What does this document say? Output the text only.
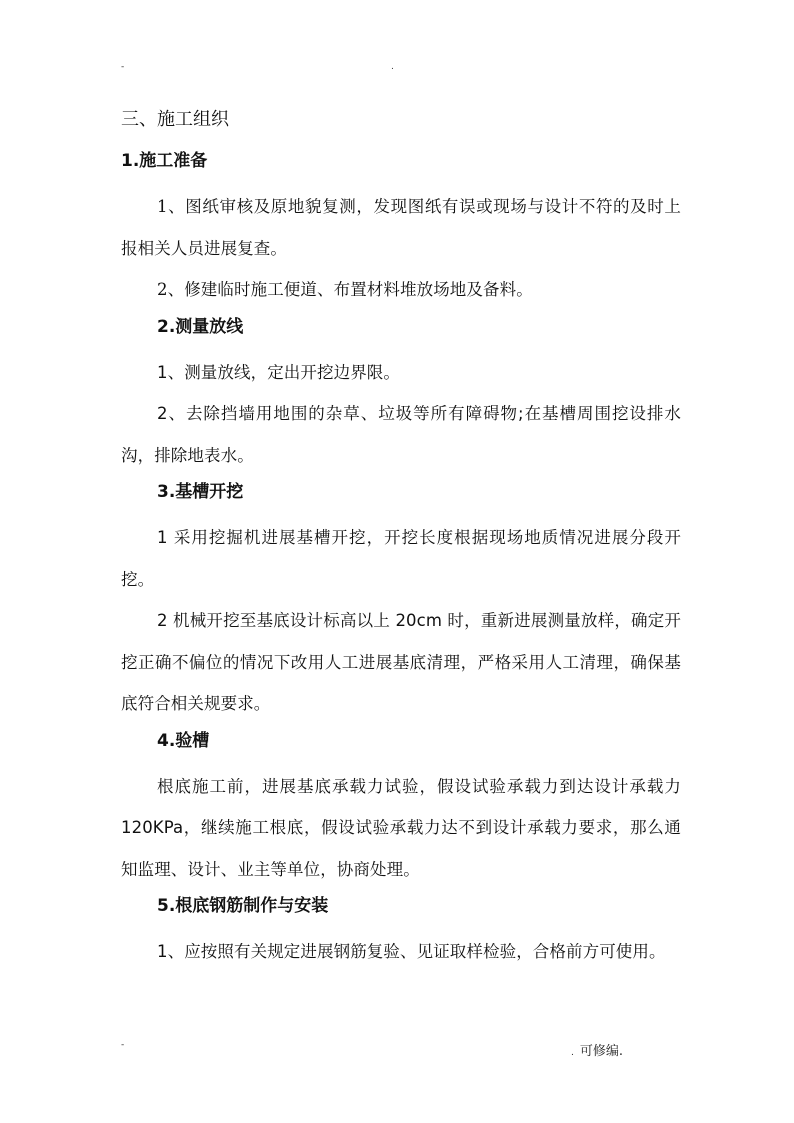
-	.
三、施工组织
1.施工准备

1、图纸审核及原地貌复测，发现图纸有误或现场与设计不符的及时上报相关人员进展复查。

2、修建临时施工便道、布置材料堆放场地及备料。

2.测量放线

1、测量放线，定出开挖边界限。

2、去除挡墙用地围的杂草、垃圾等所有障碍物;在基槽周围挖设排水沟，排除地表水。

3.基槽开挖

1 采用挖掘机进展基槽开挖，开挖长度根据现场地质情况进展分段开挖。

2 机械开挖至基底设计标高以上 20cm 时，重新进展测量放样，确定开挖正确不偏位的情况下改用人工进展基底清理，严格采用人工清理，确保基底符合相关规要求。

4.验槽

根底施工前，进展基底承载力试验，假设试验承载力到达设计承载力 120KPa，继续施工根底，假设试验承载力达不到设计承载力要求，那么通知监理、设计、业主等单位，协商处理。

5.根底钢筋制作与安装

1、应按照有关规定进展钢筋复验、见证取样检验，合格前方可使用。

-
. 可修编.
